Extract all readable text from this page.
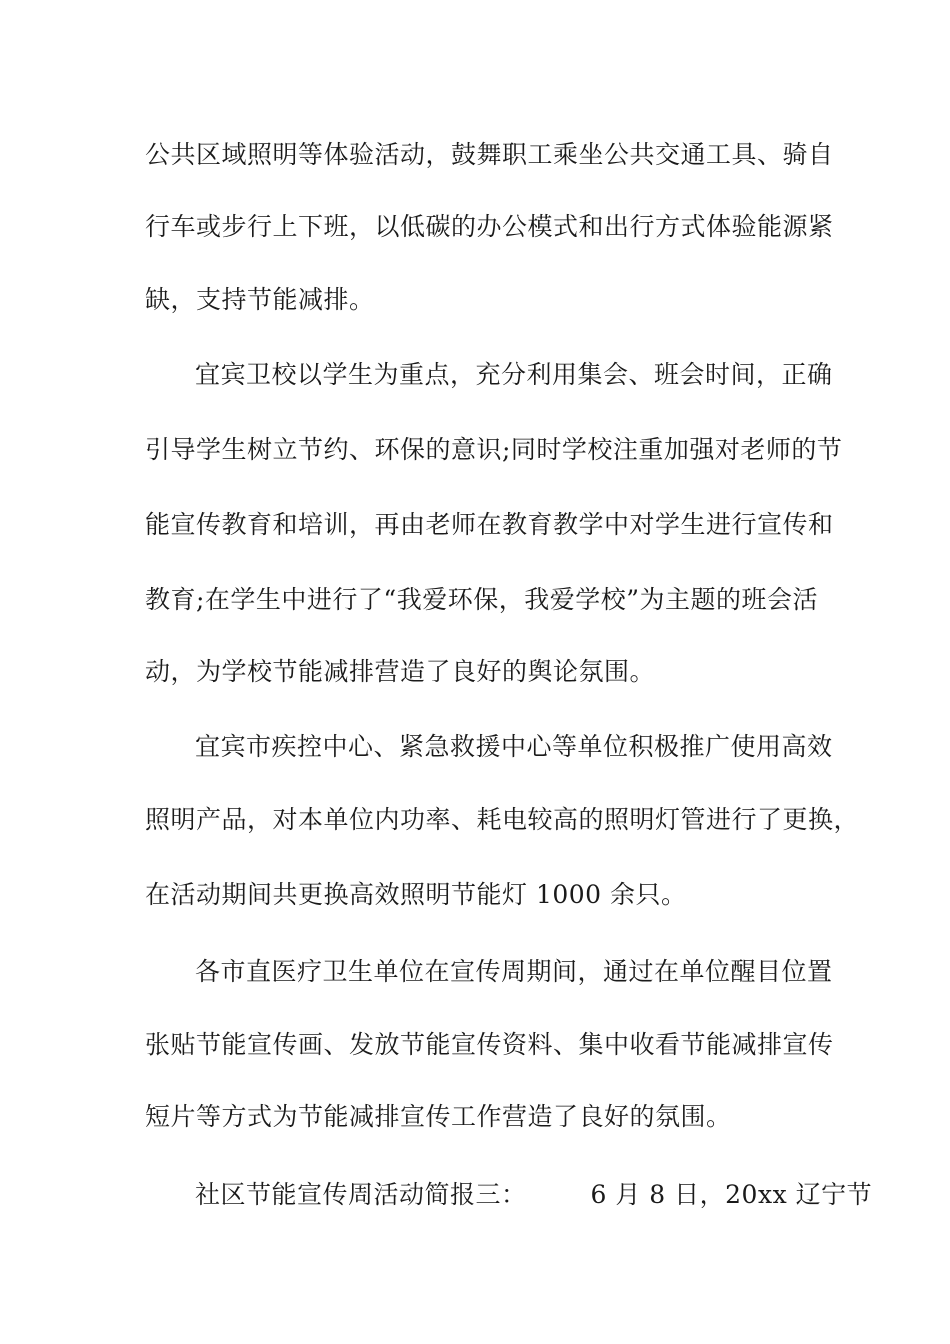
公共区域照明等体验活动，鼓舞职工乘坐公共交通工具、骑自
行车或步行上下班，以低碳的办公模式和出行方式体验能源紧
缺，支持节能减排。
宜宾卫校以学生为重点，充分利用集会、班会时间，正确
引导学生树立节约、环保的意识;同时学校注重加强对老师的节
能宣传教育和培训，再由老师在教育教学中对学生进行宣传和
教育;在学生中进行了“我爱环保，我爱学校”为主题的班会活
动，为学校节能减排营造了良好的舆论氛围。
宜宾市疾控中心、紧急救援中心等单位积极推广使用高效
照明产品，对本单位内功率、耗电较高的照明灯管进行了更换，
在活动期间共更换高效照明节能灯 1000 余只。
各市直医疗卫生单位在宣传周期间，通过在单位醒目位置
张贴节能宣传画、发放节能宣传资料、集中收看节能减排宣传
短片等方式为节能减排宣传工作营造了良好的氛围。
社区节能宣传周活动简报三：　　　6 月 8 日，20xx 辽宁节
